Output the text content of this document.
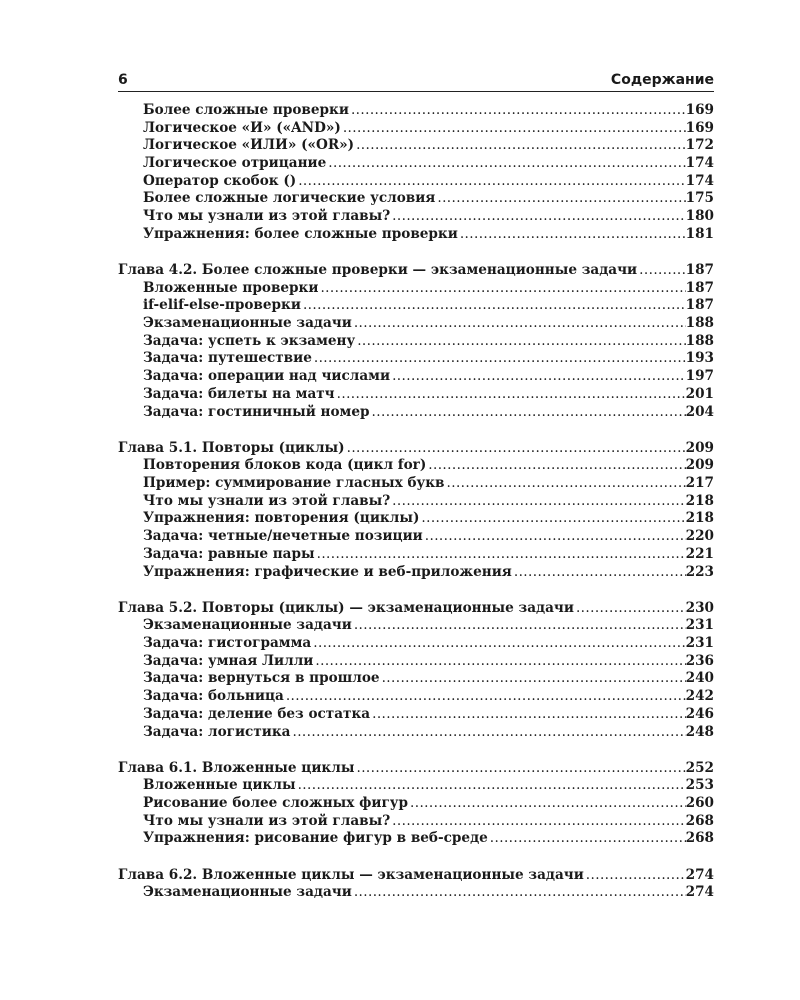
6	Содержание
Более сложные проверки .....	169
Логическое «И» («AND») .....	169
Логическое «ИЛИ» («OR») .....	172
Логическое отрицание .....	174
Оператор скобок () .....	174
Более сложные логические условия .....	175
Что мы узнали из этой главы? .....	180
Упражнения: более сложные проверки .....	181
Глава 4.2. Более сложные проверки — экзаменационные задачи .....	187
Вложенные проверки .....	187
if-elif-else-проверки .....	187
Экзаменационные задачи .....	188
Задача: успеть к экзамену .....	188
Задача: путешествие .....	193
Задача: операции над числами .....	197
Задача: билеты на матч .....	201
Задача: гостиничный номер .....	204
Глава 5.1. Повторы (циклы) .....	209
Повторения блоков кода (цикл for) .....	209
Пример: суммирование гласных букв .....	217
Что мы узнали из этой главы? .....	218
Упражнения: повторения (циклы) .....	218
Задача: четные/нечетные позиции .....	220
Задача: равные пары .....	221
Упражнения: графические и веб-приложения .....	223
Глава 5.2. Повторы (циклы) — экзаменационные задачи .....	230
Экзаменационные задачи .....	231
Задача: гистограмма .....	231
Задача: умная Лилли .....	236
Задача: вернуться в прошлое .....	240
Задача: больница .....	242
Задача: деление без остатка .....	246
Задача: логистика .....	248
Глава 6.1. Вложенные циклы .....	252
Вложенные циклы .....	253
Рисование более сложных фигур .....	260
Что мы узнали из этой главы? .....	268
Упражнения: рисование фигур в веб-среде .....	268
Глава 6.2. Вложенные циклы — экзаменационные задачи .....	274
Экзаменационные задачи .....	274
